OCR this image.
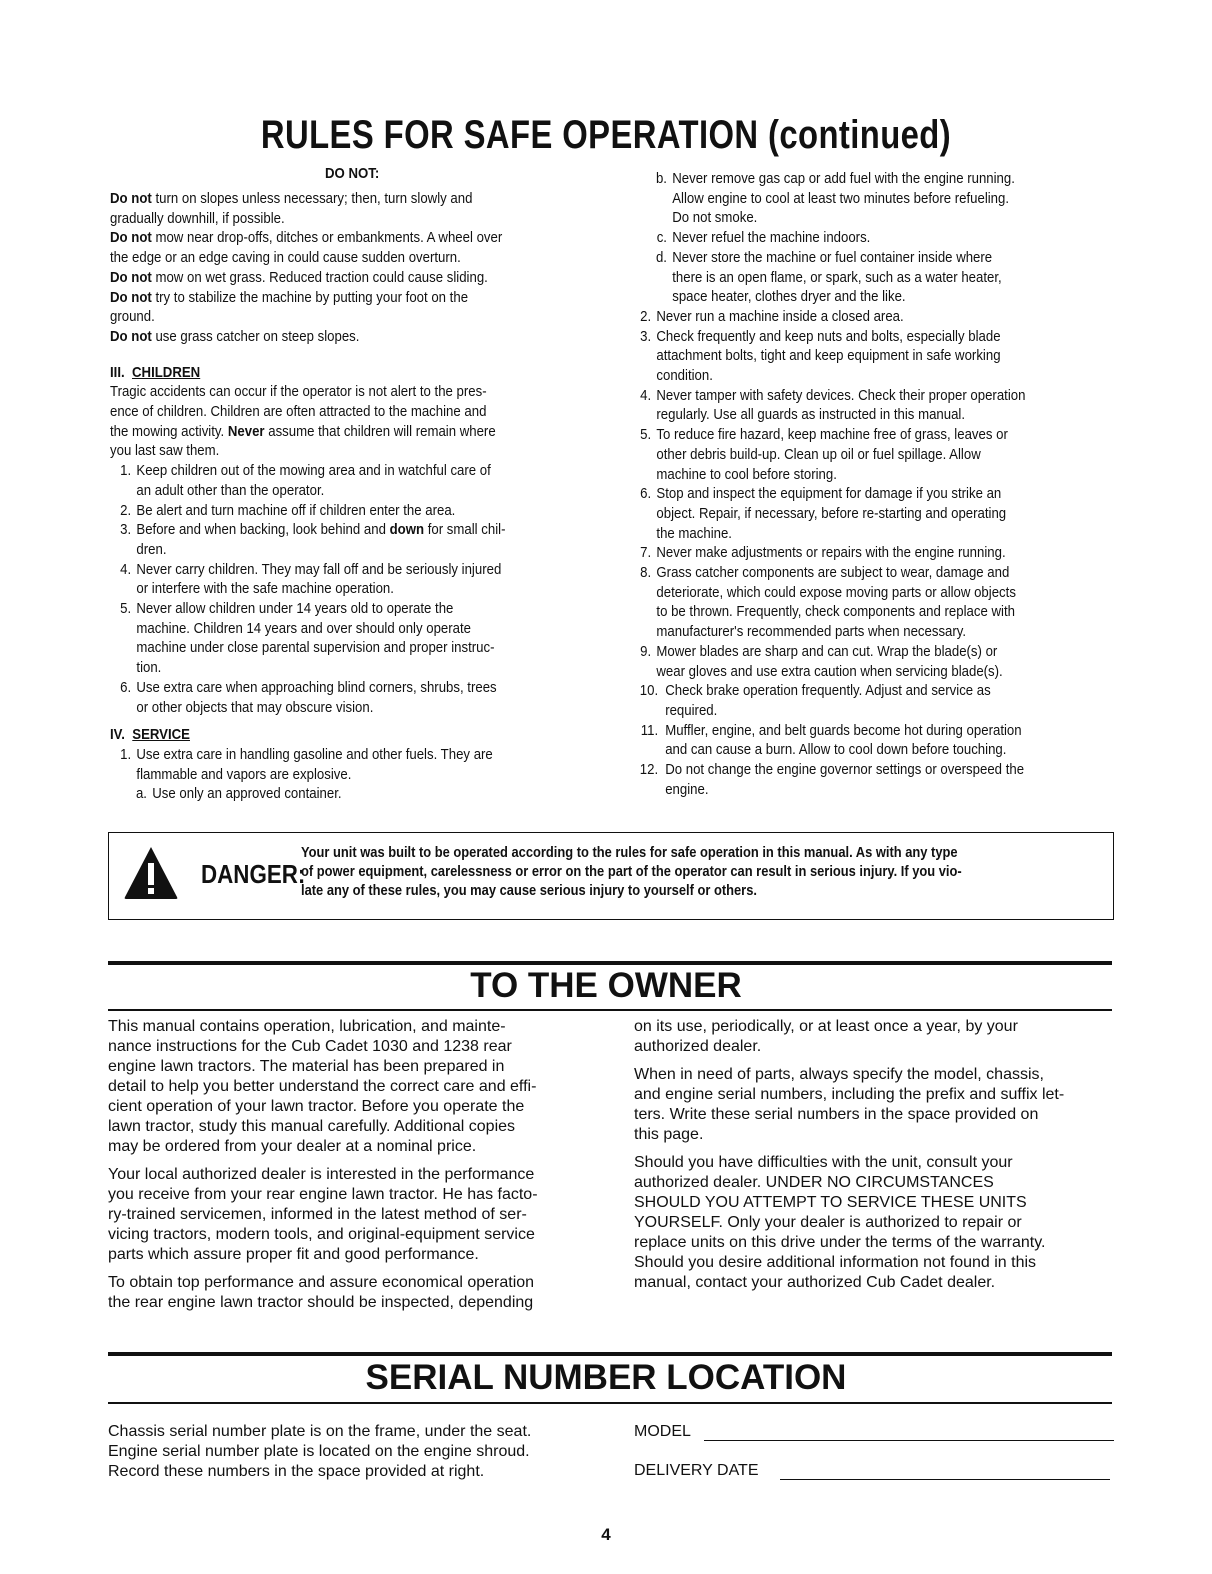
RULES FOR SAFE OPERATION (continued)
DO NOT:
Do not turn on slopes unless necessary; then, turn slowly and
gradually downhill, if possible.
Do not mow near drop-offs, ditches or embankments. A wheel over
the edge or an edge caving in could cause sudden overturn.
Do not mow on wet grass. Reduced traction could cause sliding.
Do not try to stabilize the machine by putting your foot on the
ground.
Do not use grass catcher on steep slopes.
III. CHILDREN
Tragic accidents can occur if the operator is not alert to the pres-
ence of children. Children are often attracted to the machine and
the mowing activity. Never assume that children will remain where
you last saw them.
1. Keep children out of the mowing area and in watchful care of
an adult other than the operator.
2. Be alert and turn machine off if children enter the area.
3. Before and when backing, look behind and down for small chil-
dren.
4. Never carry children. They may fall off and be seriously injured
or interfere with the safe machine operation.
5. Never allow children under 14 years old to operate the
machine. Children 14 years and over should only operate
machine under close parental supervision and proper instruc-
tion.
6. Use extra care when approaching blind corners, shrubs, trees
or other objects that may obscure vision.
IV. SERVICE
1. Use extra care in handling gasoline and other fuels. They are
flammable and vapors are explosive.
a. Use only an approved container.
b. Never remove gas cap or add fuel with the engine running.
Allow engine to cool at least two minutes before refueling.
Do not smoke.
c. Never refuel the machine indoors.
d. Never store the machine or fuel container inside where
there is an open flame, or spark, such as a water heater,
space heater, clothes dryer and the like.
2. Never run a machine inside a closed area.
3. Check frequently and keep nuts and bolts, especially blade
attachment bolts, tight and keep equipment in safe working
condition.
4. Never tamper with safety devices. Check their proper operation
regularly. Use all guards as instructed in this manual.
5. To reduce fire hazard, keep machine free of grass, leaves or
other debris build-up. Clean up oil or fuel spillage. Allow
machine to cool before storing.
6. Stop and inspect the equipment for damage if you strike an
object. Repair, if necessary, before re-starting and operating
the machine.
7. Never make adjustments or repairs with the engine running.
8. Grass catcher components are subject to wear, damage and
deteriorate, which could expose moving parts or allow objects
to be thrown. Frequently, check components and replace with
manufacturer's recommended parts when necessary.
9. Mower blades are sharp and can cut. Wrap the blade(s) or
wear gloves and use extra caution when servicing blade(s).
10. Check brake operation frequently. Adjust and service as
required.
11. Muffler, engine, and belt guards become hot during operation
and can cause a burn. Allow to cool down before touching.
12. Do not change the engine governor settings or overspeed the
engine.
DANGER:
Your unit was built to be operated according to the rules for safe operation in this manual. As with any type
of power equipment, carelessness or error on the part of the operator can result in serious injury. If you vio-
late any of these rules, you may cause serious injury to yourself or others.
TO THE OWNER

This manual contains operation, lubrication, and mainte-
nance instructions for the Cub Cadet 1030 and 1238 rear
engine lawn tractors. The material has been prepared in
detail to help you better understand the correct care and effi-
cient operation of your lawn tractor. Before you operate the
lawn tractor, study this manual carefully. Additional copies
may be ordered from your dealer at a nominal price.

Your local authorized dealer is interested in the performance
you receive from your rear engine lawn tractor. He has facto-
ry-trained servicemen, informed in the latest method of ser-
vicing tractors, modern tools, and original-equipment service
parts which assure proper fit and good performance.

To obtain top performance and assure economical operation
the rear engine lawn tractor should be inspected, depending

on its use, periodically, or at least once a year, by your
authorized dealer.

When in need of parts, always specify the model, chassis,
and engine serial numbers, including the prefix and suffix let-
ters. Write these serial numbers in the space provided on
this page.

Should you have difficulties with the unit, consult your
authorized dealer. UNDER NO CIRCUMSTANCES
SHOULD YOU ATTEMPT TO SERVICE THESE UNITS
YOURSELF. Only your dealer is authorized to repair or
replace units on this drive under the terms of the warranty.
Should you desire additional information not found in this
manual, contact your authorized Cub Cadet dealer.

SERIAL NUMBER LOCATION
Chassis serial number plate is on the frame, under the seat.
Engine serial number plate is located on the engine shroud.
Record these numbers in the space provided at right.
MODEL
DELIVERY DATE
4
